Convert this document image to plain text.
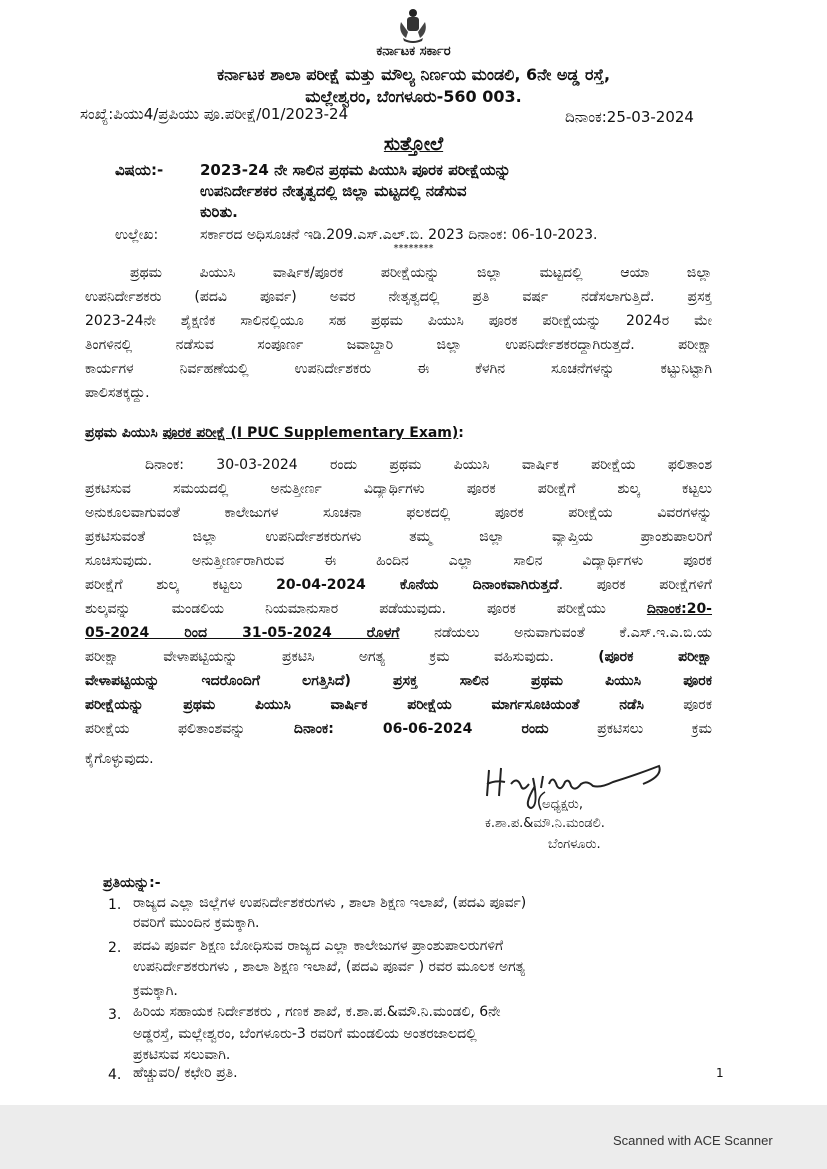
ಕರ್ನಾಟಕ ಸರ್ಕಾರ
ಕರ್ನಾಟಕ ಶಾಲಾ ಪರೀಕ್ಷೆ ಮತ್ತು ಮೌಲ್ಯ ನಿರ್ಣಯ ಮಂಡಲಿ, 6ನೇ ಅಡ್ಡ ರಸ್ತೆ,
ಮಲ್ಲೇಶ್ವರಂ, ಬೆಂಗಳೂರು-560 003.
ಸಂಖ್ಯೆ:ಪಿಯು4/ಪ್ರಪಿಯು ಪೂ.ಪರೀಕ್ಷೆ/01/2023-24	ದಿನಾಂಕ:25-03-2024
ಸುತ್ತೋಲೆ
ವಿಷಯ:- 2023-24 ನೇ ಸಾಲಿನ ಪ್ರಥಮ ಪಿಯುಸಿ ಪೂರಕ ಪರೀಕ್ಷೆಯನ್ನು
ಉಪನಿರ್ದೇಶಕರ ನೇತೃತ್ವದಲ್ಲಿ ಜಿಲ್ಲಾ ಮಟ್ಟದಲ್ಲಿ ನಡೆಸುವ
ಕುರಿತು.
ಉಲ್ಲೇಖ:	ಸರ್ಕಾರದ ಅಧಿಸೂಚನೆ ಇಡಿ.209.ಎಸ್.ಎಲ್.ಬಿ. 2023 ದಿನಾಂಕ: 06-10-2023.
********
ಪ್ರಥಮ ಪಿಯುಸಿ ವಾರ್ಷಿಕ/ಪೂರಕ ಪರೀಕ್ಷೆಯನ್ನು ಜಿಲ್ಲಾ ಮಟ್ಟದಲ್ಲಿ ಆಯಾ ಜಿಲ್ಲಾ
ಉಪನಿರ್ದೇಶಕರು (ಪದವಿ ಪೂರ್ವ) ಅವರ ನೇತೃತ್ವದಲ್ಲಿ ಪ್ರತಿ ವರ್ಷ ನಡೆಸಲಾಗುತ್ತಿದೆ. ಪ್ರಸಕ್ತ
2023-24ನೇ ಶೈಕ್ಷಣಿಕ ಸಾಲಿನಲ್ಲಿಯೂ ಸಹ ಪ್ರಥಮ ಪಿಯುಸಿ ಪೂರಕ ಪರೀಕ್ಷೆಯನ್ನು 2024ರ ಮೇ
ತಿಂಗಳಿನಲ್ಲಿ ನಡೆಸುವ ಸಂಪೂರ್ಣ ಜವಾಬ್ದಾರಿ ಜಿಲ್ಲಾ ಉಪನಿರ್ದೇಶಕರದ್ದಾಗಿರುತ್ತದೆ. ಪರೀಕ್ಷಾ
ಕಾರ್ಯಗಳ ನಿರ್ವಹಣೆಯಲ್ಲಿ ಉಪನಿರ್ದೇಶಕರು ಈ ಕೆಳಗಿನ ಸೂಚನೆಗಳನ್ನು ಕಟ್ಟುನಿಟ್ಟಾಗಿ
ಪಾಲಿಸತಕ್ಕದ್ದು.
ಪ್ರಥಮ ಪಿಯುಸಿ ಪೂರಕ ಪರೀಕ್ಷೆ (I PUC Supplementary Exam):
ದಿನಾಂಕ: 30-03-2024 ರಂದು ಪ್ರಥಮ ಪಿಯುಸಿ ವಾರ್ಷಿಕ ಪರೀಕ್ಷೆಯ ಫಲಿತಾಂಶ
ಪ್ರಕಟಿಸುವ ಸಮಯದಲ್ಲಿ ಅನುತ್ತೀರ್ಣ ವಿದ್ಯಾರ್ಥಿಗಳು ಪೂರಕ ಪರೀಕ್ಷೆಗೆ ಶುಲ್ಕ ಕಟ್ಟಲು
ಅನುಕೂಲವಾಗುವಂತೆ ಕಾಲೇಜುಗಳ ಸೂಚನಾ ಫಲಕದಲ್ಲಿ ಪೂರಕ ಪರೀಕ್ಷೆಯ ವಿವರಗಳನ್ನು
ಪ್ರಕಟಿಸುವಂತೆ ಜಿಲ್ಲಾ ಉಪನಿರ್ದೇಶಕರುಗಳು ತಮ್ಮ ಜಿಲ್ಲಾ ವ್ಯಾಪ್ತಿಯ ಪ್ರಾಂಶುಪಾಲರಿಗೆ
ಸೂಚಿಸುವುದು. ಅನುತ್ತೀರ್ಣರಾಗಿರುವ ಈ ಹಿಂದಿನ ಎಲ್ಲಾ ಸಾಲಿನ ವಿದ್ಯಾರ್ಥಿಗಳು ಪೂರಕ
ಪರೀಕ್ಷೆಗೆ ಶುಲ್ಕ ಕಟ್ಟಲು 20-04-2024 ಕೊನೆಯ ದಿನಾಂಕವಾಗಿರುತ್ತದೆ. ಪೂರಕ ಪರೀಕ್ಷೆಗಳಿಗೆ
ಶುಲ್ಕವನ್ನು ಮಂಡಲಿಯ ನಿಯಮಾನುಸಾರ ಪಡೆಯುವುದು. ಪೂರಕ ಪರೀಕ್ಷೆಯು ದಿನಾಂಕ:20-
05-2024 ರಿಂದ 31-05-2024 ರೊಳಗೆ ನಡೆಯಲು ಅನುವಾಗುವಂತೆ ಕೆ.ಎಸ್.ಇ.ಎ.ಬಿ.ಯ
ಪರೀಕ್ಷಾ ವೇಳಾಪಟ್ಟಿಯನ್ನು ಪ್ರಕಟಿಸಿ ಅಗತ್ಯ ಕ್ರಮ ವಹಿಸುವುದು. (ಪೂರಕ ಪರೀಕ್ಷಾ
ವೇಳಾಪಟ್ಟಿಯನ್ನು ಇದರೊಂದಿಗೆ ಲಗತ್ತಿಸಿದೆ) ಪ್ರಸಕ್ತ ಸಾಲಿನ ಪ್ರಥಮ ಪಿಯುಸಿ ಪೂರಕ
ಪರೀಕ್ಷೆಯನ್ನು ಪ್ರಥಮ ಪಿಯುಸಿ ವಾರ್ಷಿಕ ಪರೀಕ್ಷೆಯ ಮಾರ್ಗಸೂಚಿಯಂತೆ ನಡೆಸಿ ಪೂರಕ
ಪರೀಕ್ಷೆಯ ಫಲಿತಾಂಶವನ್ನು ದಿನಾಂಕ: 06-06-2024 ರಂದು ಪ್ರಕಟಿಸಲು ಕ್ರಮ
ಕೈಗೊಳ್ಳುವುದು.
ಅಧ್ಯಕ್ಷರು,
ಕ.ಶಾ.ಪ.&ಮೌ.ನಿ.ಮಂಡಲಿ.
ಬೆಂಗಳೂರು.
ಪ್ರತಿಯನ್ನು:-
1. ರಾಜ್ಯದ ಎಲ್ಲಾ ಜಿಲ್ಲೆಗಳ ಉಪನಿರ್ದೇಶಕರುಗಳು , ಶಾಲಾ ಶಿಕ್ಷಣ ಇಲಾಖೆ, (ಪದವಿ ಪೂರ್ವ)
ರವರಿಗೆ ಮುಂದಿನ ಕ್ರಮಕ್ಕಾಗಿ.
2. ಪದವಿ ಪೂರ್ವ ಶಿಕ್ಷಣ ಬೋಧಿಸುವ ರಾಜ್ಯದ ಎಲ್ಲಾ ಕಾಲೇಜುಗಳ ಪ್ರಾಂಶುಪಾಲರುಗಳಿಗೆ
ಉಪನಿರ್ದೇಶಕರುಗಳು , ಶಾಲಾ ಶಿಕ್ಷಣ ಇಲಾಖೆ, (ಪದವಿ ಪೂರ್ವ ) ರವರ ಮೂಲಕ ಅಗತ್ಯ
ಕ್ರಮಕ್ಕಾಗಿ.
3. ಹಿರಿಯ ಸಹಾಯಕ ನಿರ್ದೇಶಕರು , ಗಣಕ ಶಾಖೆ, ಕ.ಶಾ.ಪ.&ಮೌ.ನಿ.ಮಂಡಲಿ, 6ನೇ
ಅಡ್ಡರಸ್ತೆ, ಮಲ್ಲೇಶ್ವರಂ, ಬೆಂಗಳೂರು-3 ರವರಿಗೆ ಮಂಡಲಿಯ ಅಂತರಜಾಲದಲ್ಲಿ
ಪ್ರಕಟಿಸುವ ಸಲುವಾಗಿ.
4. ಹೆಚ್ಚುವರಿ/ ಕಛೇರಿ ಪ್ರತಿ.	1
Scanned with ACE Scanner
